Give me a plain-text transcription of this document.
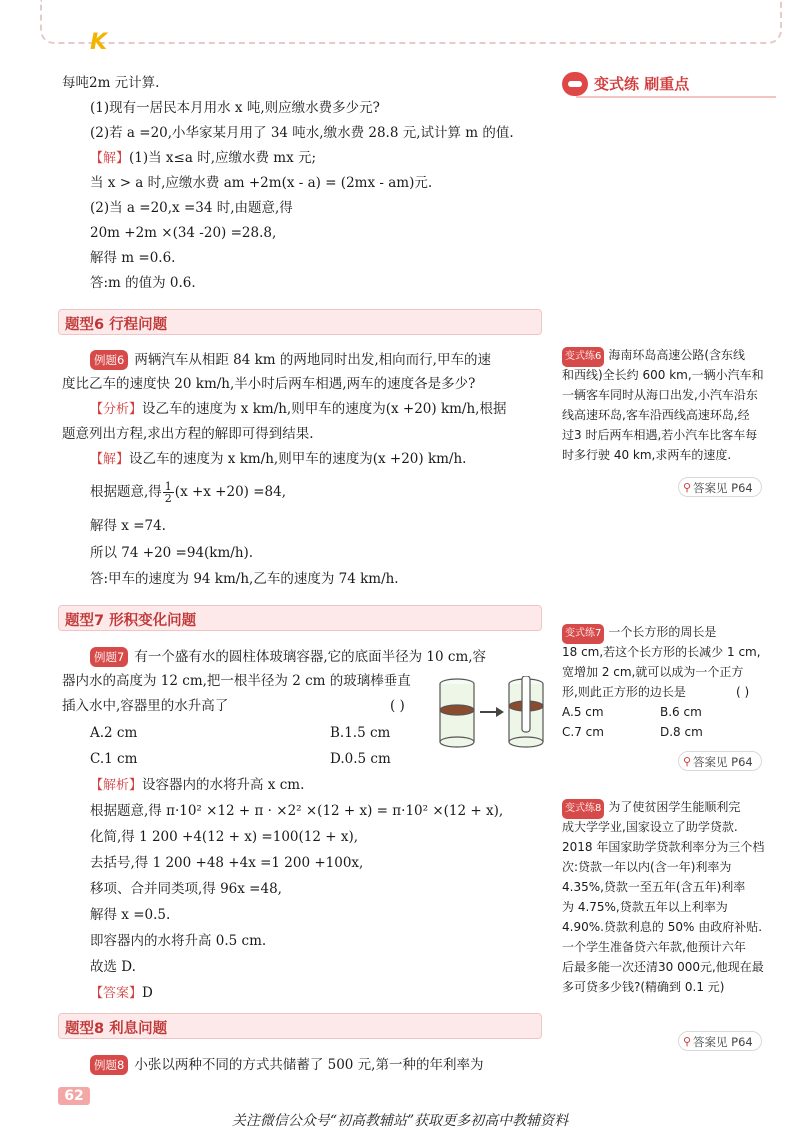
K
变式练 刷重点
每吨2m 元计算.
(1)现有一居民本月用水 x 吨,则应缴水费多少元?
(2)若 a =20,小华家某月用了 34 吨水,缴水费 28.8 元,试计算 m 的值.
【解】(1)当 x≤a 时,应缴水费 mx 元;
当 x > a 时,应缴水费 am +2m(x - a) = (2mx - am)元.
(2)当 a =20,x =34 时,由题意,得
20m +2m ×(34 -20) =28.8,
解得 m =0.6.
答:m 的值为 0.6.
题型6 行程问题
例题6 两辆汽车从相距 84 km 的两地同时出发,相向而行,甲车的速
度比乙车的速度快 20 km/h,半小时后两车相遇,两车的速度各是多少?
【分析】设乙车的速度为 x km/h,则甲车的速度为(x +20) km/h,根据
题意列出方程,求出方程的解即可得到结果.
【解】设乙车的速度为 x km/h,则甲车的速度为(x +20) km/h.
根据题意,得 $\frac{1}{2} (x +x +20) =84$,
解得 x =74.
所以 74 +20 =94(km/h).
答:甲车的速度为 94 km/h,乙车的速度为 74 km/h.
题型7 形积变化问题
例题7 有一个盛有水的圆柱体玻璃容器,它的底面半径为 10 cm,容
器内水的高度为 12 cm,把一根半径为 2 cm 的玻璃棒垂直
插入水中,容器里的水升高了	( )
A.2 cm	B.1.5 cm
C.1 cm	D.0.5 cm
【解析】设容器内的水将升高 x cm.
根据题意,得 π·10² ×12 + π · ×2² ×(12 + x) = π·10² ×(12 + x),
化简,得 1 200 +4(12 + x) =100(12 + x),
去括号,得 1 200 +48 +4x =1 200 +100x,
移项、合并同类项,得 96x =48,
解得 x =0.5.
即容器内的水将升高 0.5 cm.
故选 D.
【答案】D
题型8 利息问题
例题8 小张以两种不同的方式共储蓄了 500 元,第一种的年利率为
变式练6 海南环岛高速公路(含东线
和西线)全长约 600 km,一辆小汽车和
一辆客车同时从海口出发,小汽车沿东
线高速环岛,客车沿西线高速环岛,经
过3 时后两车相遇,若小汽车比客车每
时多行驶 40 km,求两车的速度.
⚲ 答案见 P64
变式练7 一个长方形的周长是
18 cm,若这个长方形的长减少 1 cm,
宽增加 2 cm,就可以成为一个正方
形,则此正方形的边长是	( )
A.5 cm	B.6 cm
C.7 cm	D.8 cm
⚲ 答案见 P64
变式练8 为了使贫困学生能顺利完
成大学学业,国家设立了助学贷款.
2018 年国家助学贷款利率分为三个档
次:贷款一年以内(含一年)利率为
4.35%,贷款一至五年(含五年)利率
为 4.75%,贷款五年以上利率为
4.90%.贷款利息的 50% 由政府补贴.
一个学生准备贷六年款,他预计六年
后最多能一次还清30 000元,他现在最
多可贷多少钱?(精确到 0.1 元)
⚲ 答案见 P64
62
关注微信公众号“初高教辅站”获取更多初高中教辅资料
